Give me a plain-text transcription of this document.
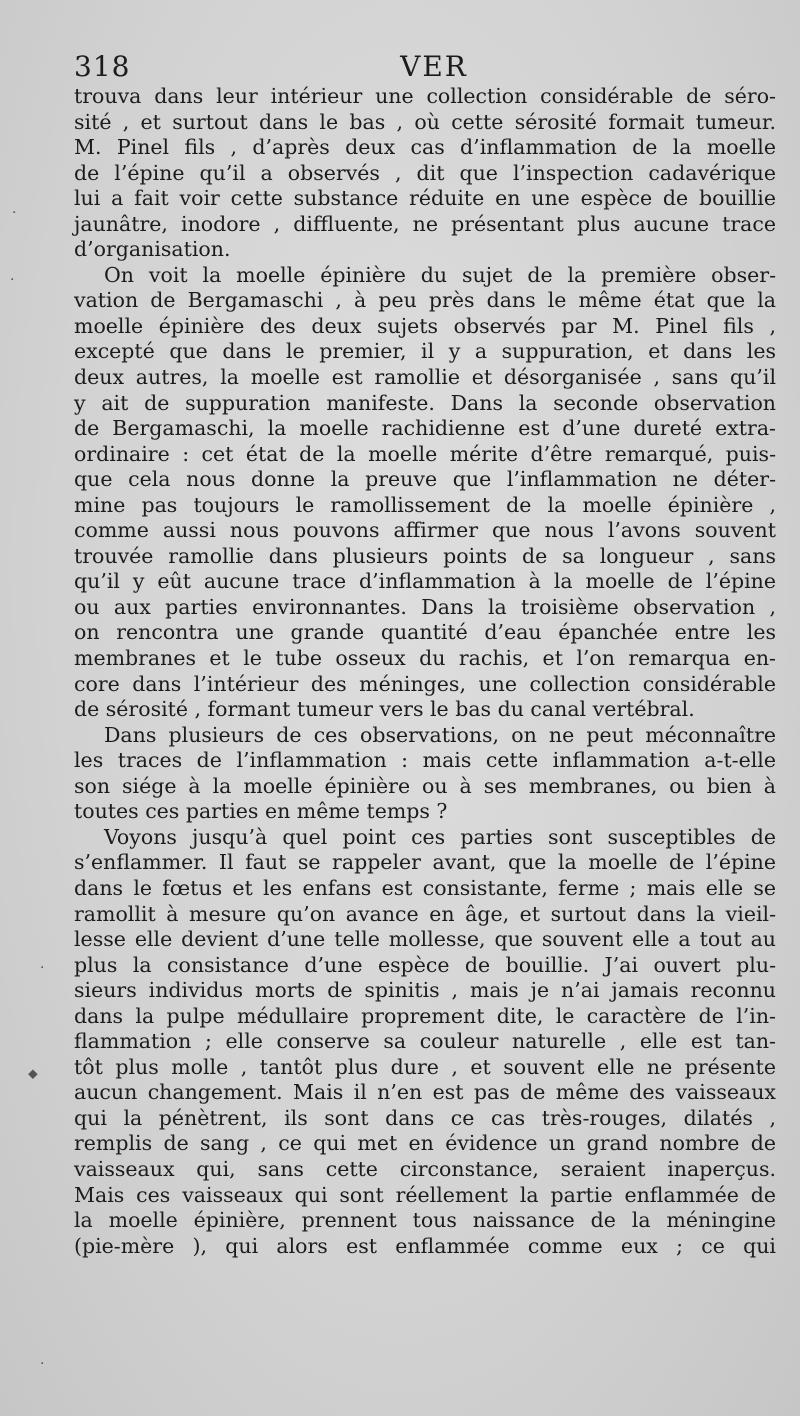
318	VER
trouva dans leur intérieur une collection considérable de séro-
sité , et surtout dans le bas , où cette sérosité formait tumeur.
M. Pinel fils , d’après deux cas d’inflammation de la moelle
de l’épine qu’il a observés , dit que l’inspection cadavérique
lui a fait voir cette substance réduite en une espèce de bouillie
jaunâtre, inodore , diffluente, ne présentant plus aucune trace
d’organisation.
On voit la moelle épinière du sujet de la première obser-
vation de Bergamaschi , à peu près dans le même état que la
moelle épinière des deux sujets observés par M. Pinel fils ,
excepté que dans le premier, il y a suppuration, et dans les
deux autres, la moelle est ramollie et désorganisée , sans qu’il
y ait de suppuration manifeste. Dans la seconde observation
de Bergamaschi, la moelle rachidienne est d’une dureté extra-
ordinaire : cet état de la moelle mérite d’être remarqué, puis-
que cela nous donne la preuve que l’inflammation ne déter-
mine pas toujours le ramollissement de la moelle épinière ,
comme aussi nous pouvons affirmer que nous l’avons souvent
trouvée ramollie dans plusieurs points de sa longueur , sans
qu’il y eût aucune trace d’inflammation à la moelle de l’épine
ou aux parties environnantes. Dans la troisième observation ,
on rencontra une grande quantité d’eau épanchée entre les
membranes et le tube osseux du rachis, et l’on remarqua en-
core dans l’intérieur des méninges, une collection considérable
de sérosité , formant tumeur vers le bas du canal vertébral.
Dans plusieurs de ces observations, on ne peut méconnaître
les traces de l’inflammation : mais cette inflammation a-t-elle
son siége à la moelle épinière ou à ses membranes, ou bien à
toutes ces parties en même temps ?
Voyons jusqu’à quel point ces parties sont susceptibles de
s’enflammer. Il faut se rappeler avant, que la moelle de l’épine
dans le fœtus et les enfans est consistante, ferme ; mais elle se
ramollit à mesure qu’on avance en âge, et surtout dans la vieil-
lesse elle devient d’une telle mollesse, que souvent elle a tout au
plus la consistance d’une espèce de bouillie. J’ai ouvert plu-
sieurs individus morts de spinitis , mais je n’ai jamais reconnu
dans la pulpe médullaire proprement dite, le caractère de l’in-
flammation ; elle conserve sa couleur naturelle , elle est tan-
tôt plus molle , tantôt plus dure , et souvent elle ne présente
aucun changement. Mais il n’en est pas de même des vaisseaux
qui la pénètrent, ils sont dans ce cas très-rouges, dilatés ,
remplis de sang , ce qui met en évidence un grand nombre de
vaisseaux qui, sans cette circonstance, seraient inaperçus.
Mais ces vaisseaux qui sont réellement la partie enflammée de
la moelle épinière, prennent tous naissance de la méningine
(pie-mère ), qui alors est enflammée comme eux ; ce qui
·
·
·
⬥
·
